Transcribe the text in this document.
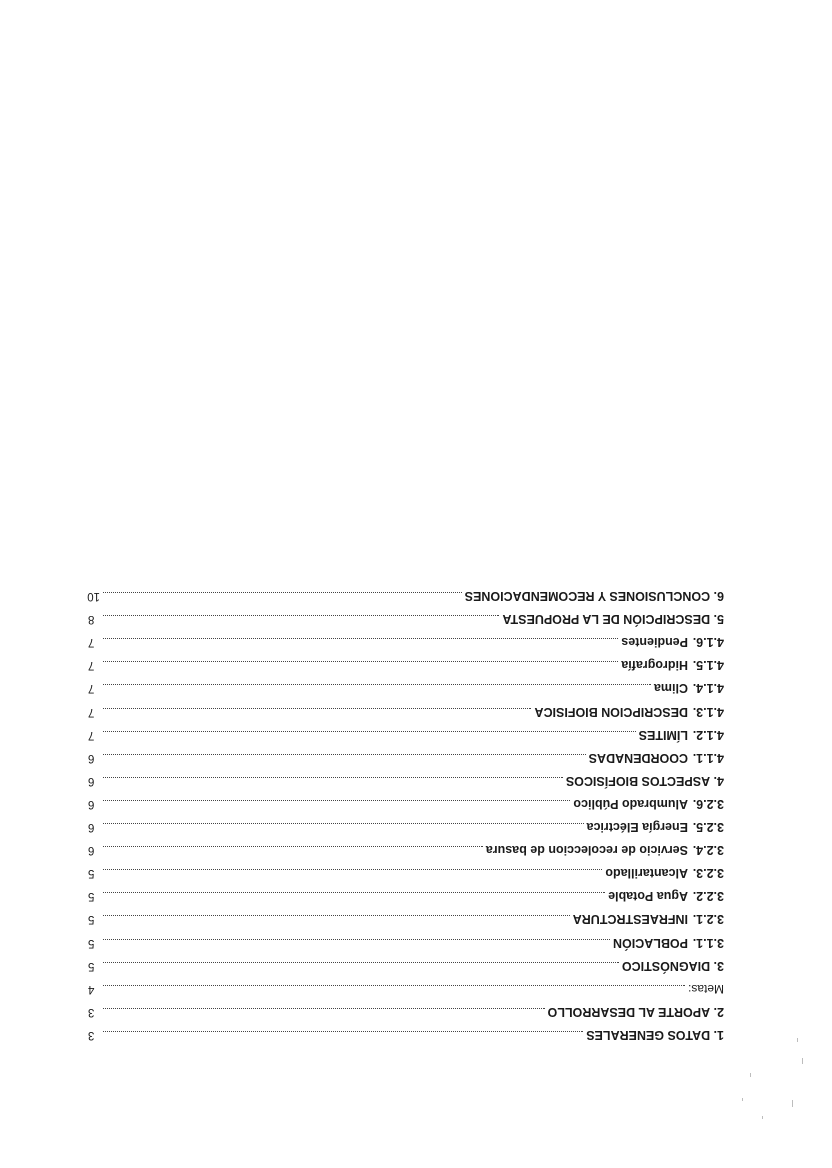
1.
DATOS GENERALES
3
2.
APORTE AL DESARROLLO
3
Metas:
4
3.
DIAGNÓSTICO
5
3.1.1.
POBLACIÓN
5
3.2.1.
INFRAESTRCTURA
5
3.2.2.
Agua Potable
5
3.2.3.
Alcantarillado
5
3.2.4.
Servicio de recoleccion de basura
6
3.2.5.
Energía Eléctrica
6
3.2.6.
Alumbrado Público
6
4.
ASPECTOS BIOFÍSICOS
6
4.1.1.
COORDENADAS
6
4.1.2.
LÍMITES
7
4.1.3.
DESCRIPCION BIOFISICA
7
4.1.4.
Clima
7
4.1.5.
Hidrografía
7
4.1.6.
Pendientes
7
5.
DESCRIPCIÓN DE LA PROPUESTA
8
6.
CONCLUSIONES Y RECOMENDACIONES
10
